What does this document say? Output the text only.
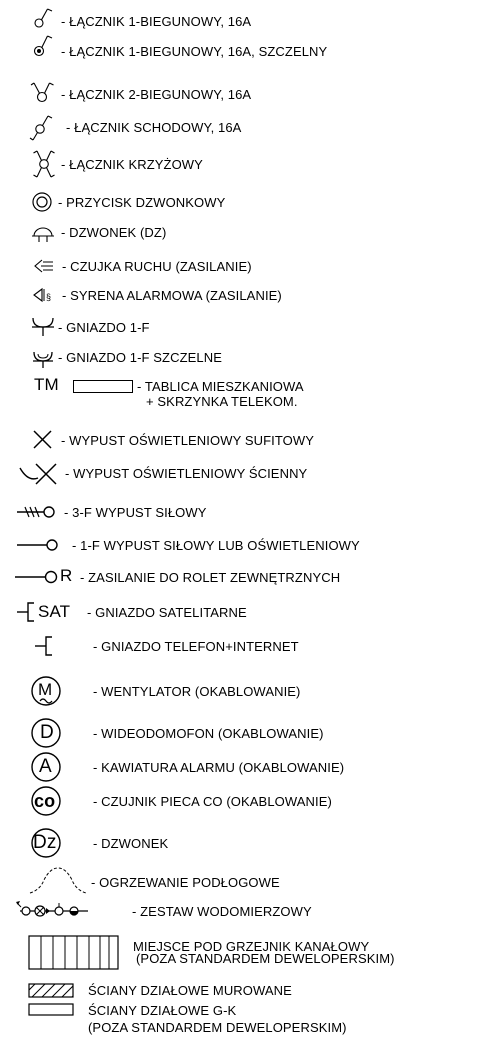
- ŁĄCZNIK 1-BIEGUNOWY, 16A
- ŁĄCZNIK 1-BIEGUNOWY, 16A, SZCZELNY
- ŁĄCZNIK 2-BIEGUNOWY, 16A
- ŁĄCZNIK SCHODOWY, 16A
- ŁĄCZNIK KRZYŻOWY
- PRZYCISK DZWONKOWY
- DZWONEK (DZ)
- CZUJKA RUCHU (ZASILANIE)
§ - SYRENA ALARMOWA (ZASILANIE)
- GNIAZDO 1-F
- GNIAZDO 1-F SZCZELNE
TM	- TABLICA MIESZKANIOWA
+ SKRZYNKA TELEKOM.
- WYPUST OŚWIETLENIOWY SUFITOWY
- WYPUST OŚWIETLENIOWY ŚCIENNY
- 3-F WYPUST SIŁOWY
- 1-F WYPUST SIŁOWY LUB OŚWIETLENIOWY
R - ZASILANIE DO ROLET ZEWNĘTRZNYCH
SAT - GNIAZDO SATELITARNE
- GNIAZDO TELEFON+INTERNET
M	- WENTYLATOR (OKABLOWANIE)
D	- WIDEODOMOFON (OKABLOWANIE)
A	- KAWIATURA ALARMU (OKABLOWANIE)
co	- CZUJNIK PIECA CO (OKABLOWANIE)
Dz	- DZWONEK
- OGRZEWANIE PODŁOGOWE
- ZESTAW WODOMIERZOWY
MIEJSCE POD GRZEJNIK KANAŁOWY
(POZA STANDARDEM DEWELOPERSKIM)
ŚCIANY DZIAŁOWE MUROWANE
ŚCIANY DZIAŁOWE G-K
(POZA STANDARDEM DEWELOPERSKIM)
